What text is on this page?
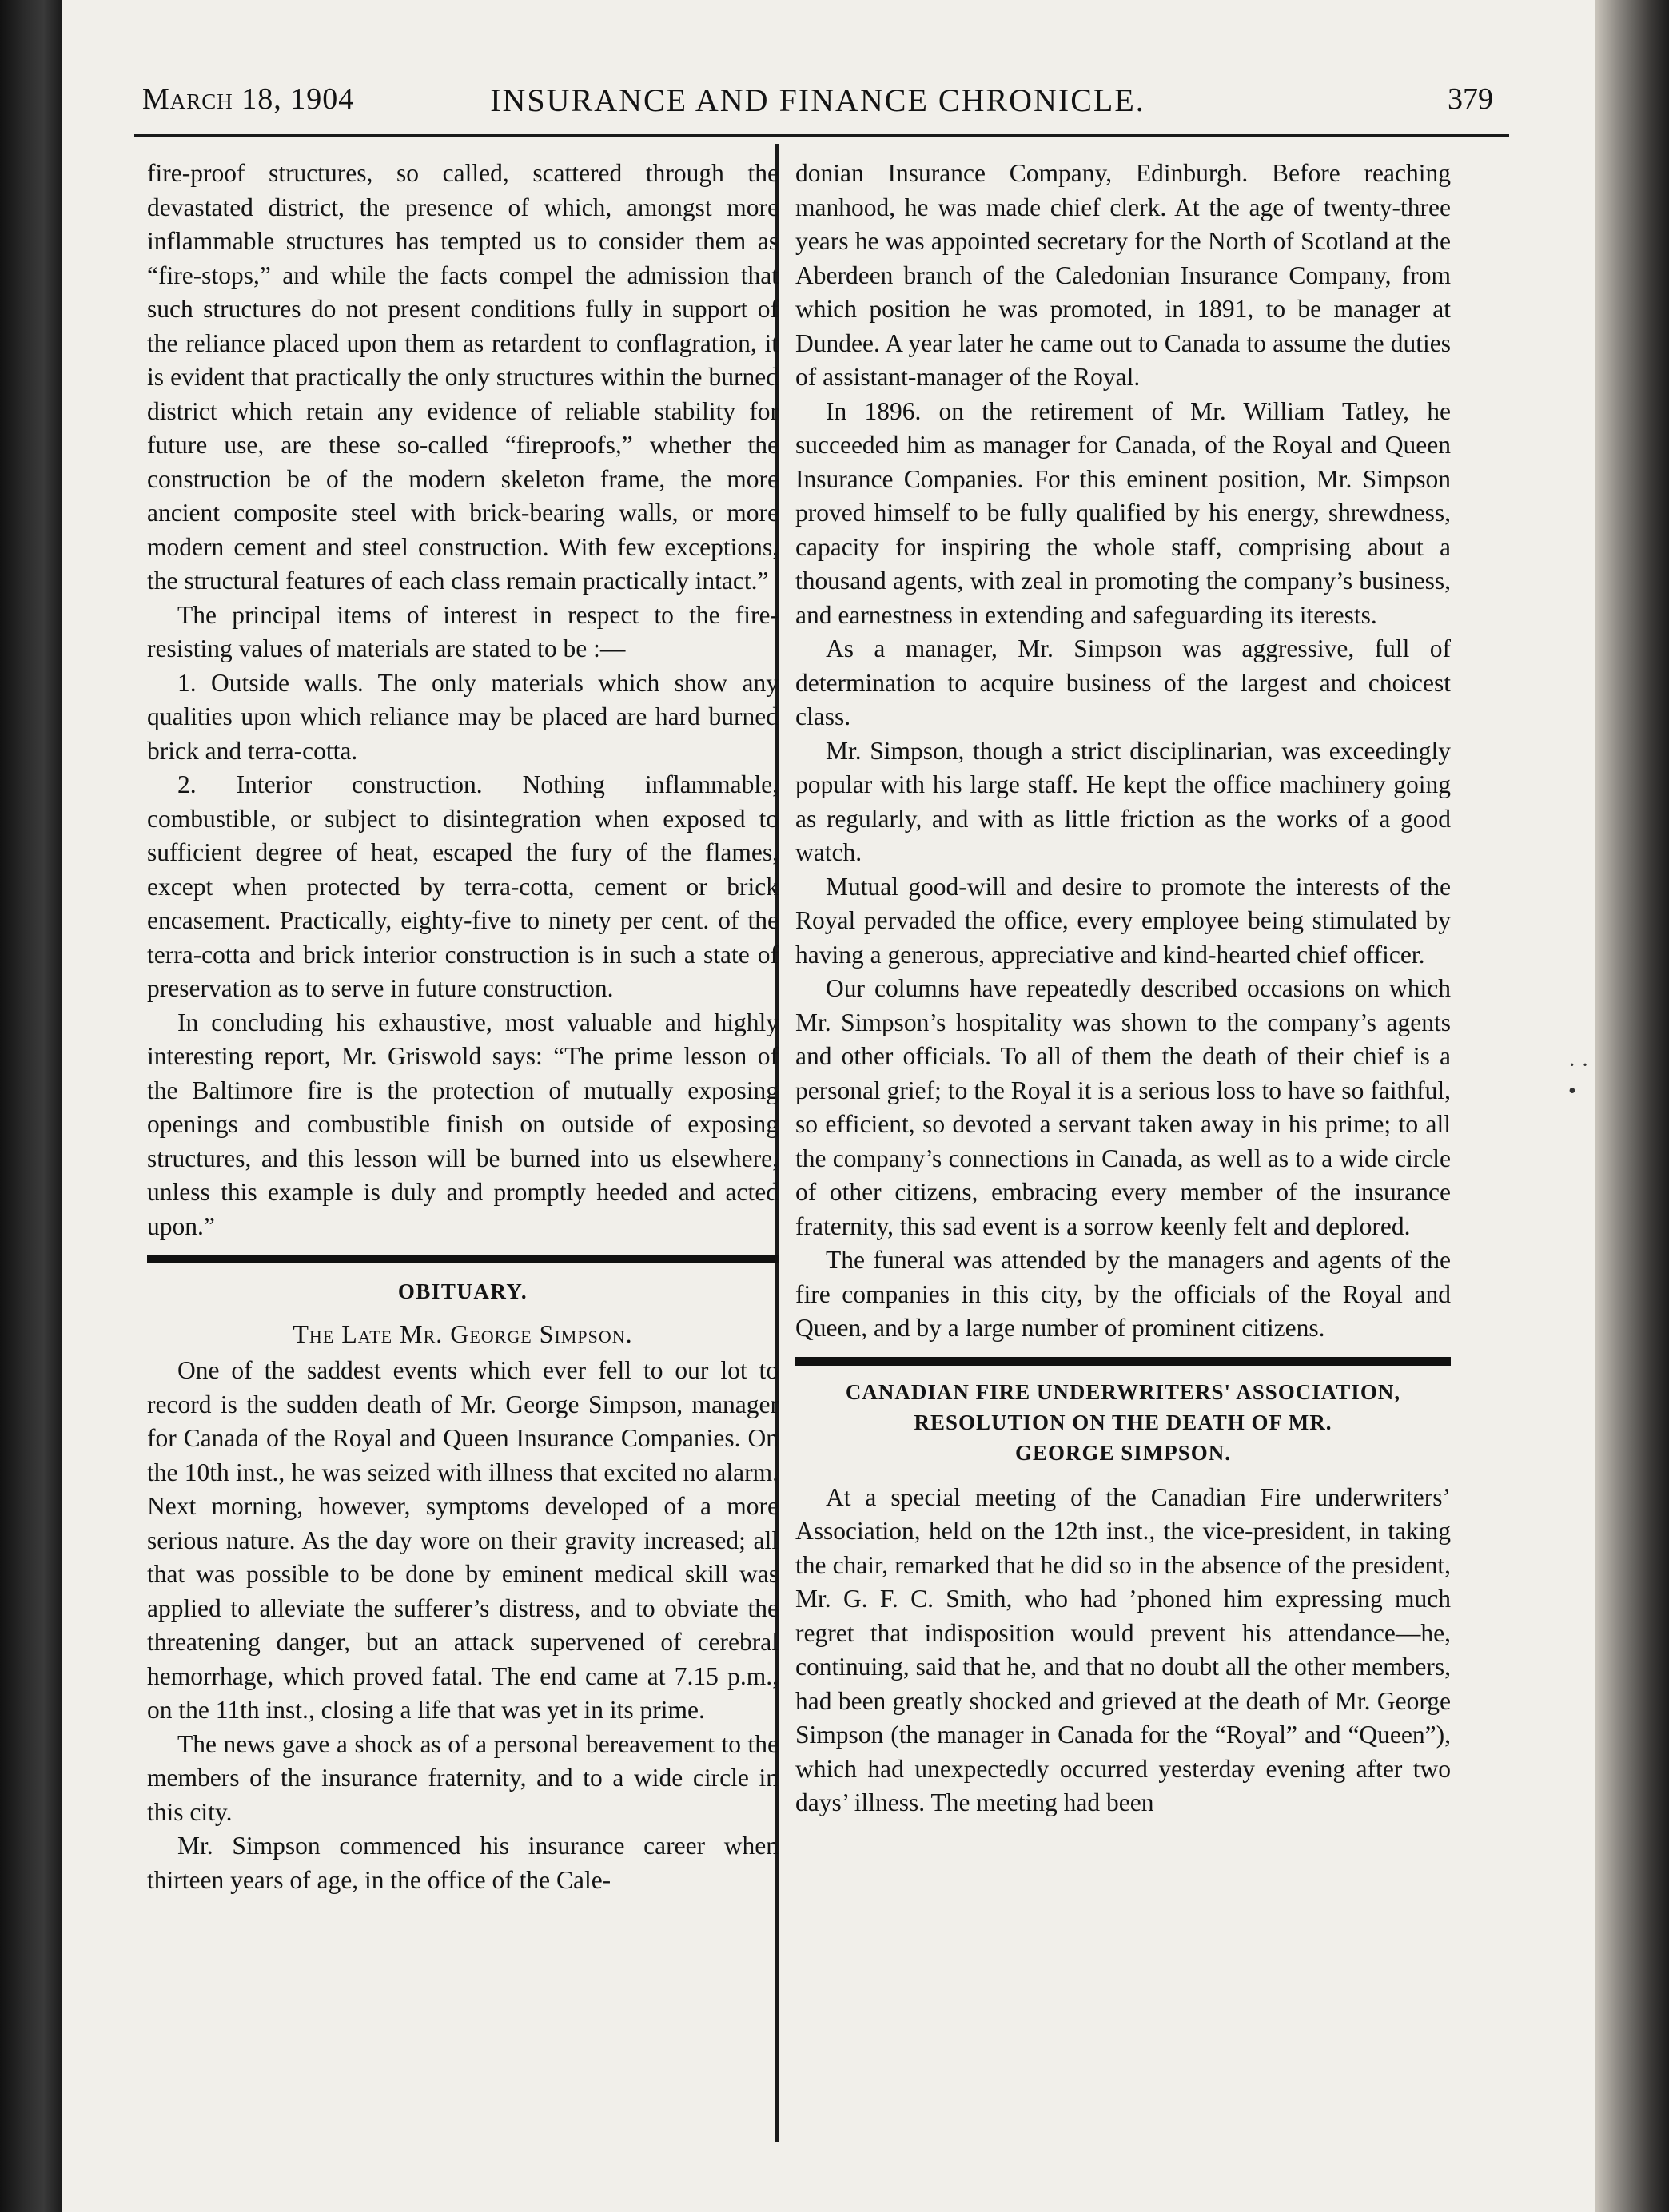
March 18, 1904	INSURANCE AND FINANCE CHRONICLE.	379

fire-proof structures, so called, scattered through the devastated district, the presence of which, amongst more inflammable structures has tempted us to consider them as “fire-stops,” and while the facts compel the admission that such structures do not present conditions fully in support of the reliance placed upon them as retardent to conflagration, it is evident that practically the only structures within the burned district which retain any evidence of reliable stability for future use, are these so-called “fireproofs,” whether the construction be of the modern skeleton frame, the more ancient composite steel with brick-bearing walls, or more modern cement and steel construction. With few exceptions, the structural features of each class remain practically intact.”

The principal items of interest in respect to the fire-resisting values of materials are stated to be :—

1. Outside walls. The only materials which show any qualities upon which reliance may be placed are hard burned brick and terra-cotta.

2. Interior construction. Nothing inflammable, combustible, or subject to disintegration when exposed to sufficient degree of heat, escaped the fury of the flames, except when protected by terra-cotta, cement or brick encasement. Practically, eighty-five to ninety per cent. of the terra-cotta and brick interior construction is in such a state of preservation as to serve in future construction.

In concluding his exhaustive, most valuable and highly interesting report, Mr. Griswold says: “The prime lesson of the Baltimore fire is the protection of mutually exposing openings and combustible finish on outside of exposing structures, and this lesson will be burned into us elsewhere, unless this example is duly and promptly heeded and acted upon.”

OBITUARY.
The Late Mr. George Simpson.

One of the saddest events which ever fell to our lot to record is the sudden death of Mr. George Simpson, manager for Canada of the Royal and Queen Insurance Companies. On the 10th inst., he was seized with illness that excited no alarm. Next morning, however, symptoms developed of a more serious nature. As the day wore on their gravity increased; all that was possible to be done by eminent medical skill was applied to alleviate the sufferer’s distress, and to obviate the threatening danger, but an attack supervened of cerebral hemorrhage, which proved fatal. The end came at 7.15 p.m., on the 11th inst., closing a life that was yet in its prime.

The news gave a shock as of a personal bereavement to the members of the insurance fraternity, and to a wide circle in this city.

Mr. Simpson commenced his insurance career when thirteen years of age, in the office of the Cale-

donian Insurance Company, Edinburgh. Before reaching manhood, he was made chief clerk. At the age of twenty-three years he was appointed secretary for the North of Scotland at the Aberdeen branch of the Caledonian Insurance Company, from which position he was promoted, in 1891, to be manager at Dundee. A year later he came out to Canada to assume the duties of assistant-manager of the Royal.

In 1896. on the retirement of Mr. William Tatley, he succeeded him as manager for Canada, of the Royal and Queen Insurance Companies. For this eminent position, Mr. Simpson proved himself to be fully qualified by his energy, shrewdness, capacity for inspiring the whole staff, comprising about a thousand agents, with zeal in promoting the company’s business, and earnestness in extending and safeguarding its iterests.

As a manager, Mr. Simpson was aggressive, full of determination to acquire business of the largest and choicest class.

Mr. Simpson, though a strict disciplinarian, was exceedingly popular with his large staff. He kept the office machinery going as regularly, and with as little friction as the works of a good watch.

Mutual good-will and desire to promote the interests of the Royal pervaded the office, every employee being stimulated by having a generous, appreciative and kind-hearted chief officer.

Our columns have repeatedly described occasions on which Mr. Simpson’s hospitality was shown to the company’s agents and other officials. To all of them the death of their chief is a personal grief; to the Royal it is a serious loss to have so faithful, so efficient, so devoted a servant taken away in his prime; to all the company’s connections in Canada, as well as to a wide circle of other citizens, embracing every member of the insurance fraternity, this sad event is a sorrow keenly felt and deplored.

The funeral was attended by the managers and agents of the fire companies in this city, by the officials of the Royal and Queen, and by a large number of prominent citizens.

CANADIAN FIRE UNDERWRITERS' ASSOCIATION,
RESOLUTION ON THE DEATH OF MR.
GEORGE SIMPSON.

At a special meeting of the Canadian Fire underwriters’ Association, held on the 12th inst., the vice-president, in taking the chair, remarked that he did so in the absence of the president, Mr. G. F. C. Smith, who had ’phoned him expressing much regret that indisposition would prevent his attendance—he, continuing, said that he, and that no doubt all the other members, had been greatly shocked and grieved at the death of Mr. George Simpson (the manager in Canada for the “Royal” and “Queen”), which had unexpectedly occurred yesterday evening after two days’ illness. The meeting had been

· · •
